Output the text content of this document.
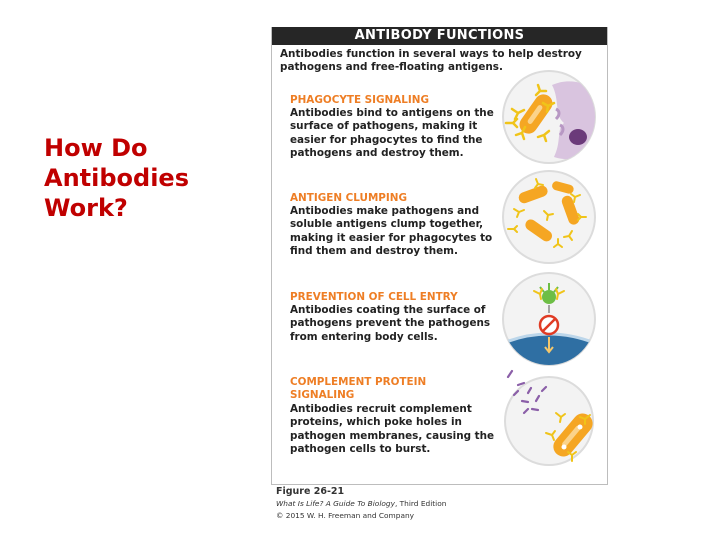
How Do
Antibodies
Work?
ANTIBODY FUNCTIONS
Antibodies function in several ways to help destroy
pathogens and free-floating antigens.
PHAGOCYTE SIGNALING
Antibodies bind to antigens on the
surface of pathogens, making it
easier for phagocytes to find the
pathogens and destroy them.
ANTIGEN CLUMPING
Antibodies make pathogens and
soluble antigens clump together,
making it easier for phagocytes to
find them and destroy them.
PREVENTION OF CELL ENTRY
Antibodies coating the surface of
pathogens prevent the pathogens
from entering body cells.
COMPLEMENT PROTEIN
SIGNALING
Antibodies recruit complement
proteins, which poke holes in
pathogen membranes, causing the
pathogen cells to burst.
Figure 26-21
What Is Life? A Guide To Biology, Third Edition
© 2015 W. H. Freeman and Company
